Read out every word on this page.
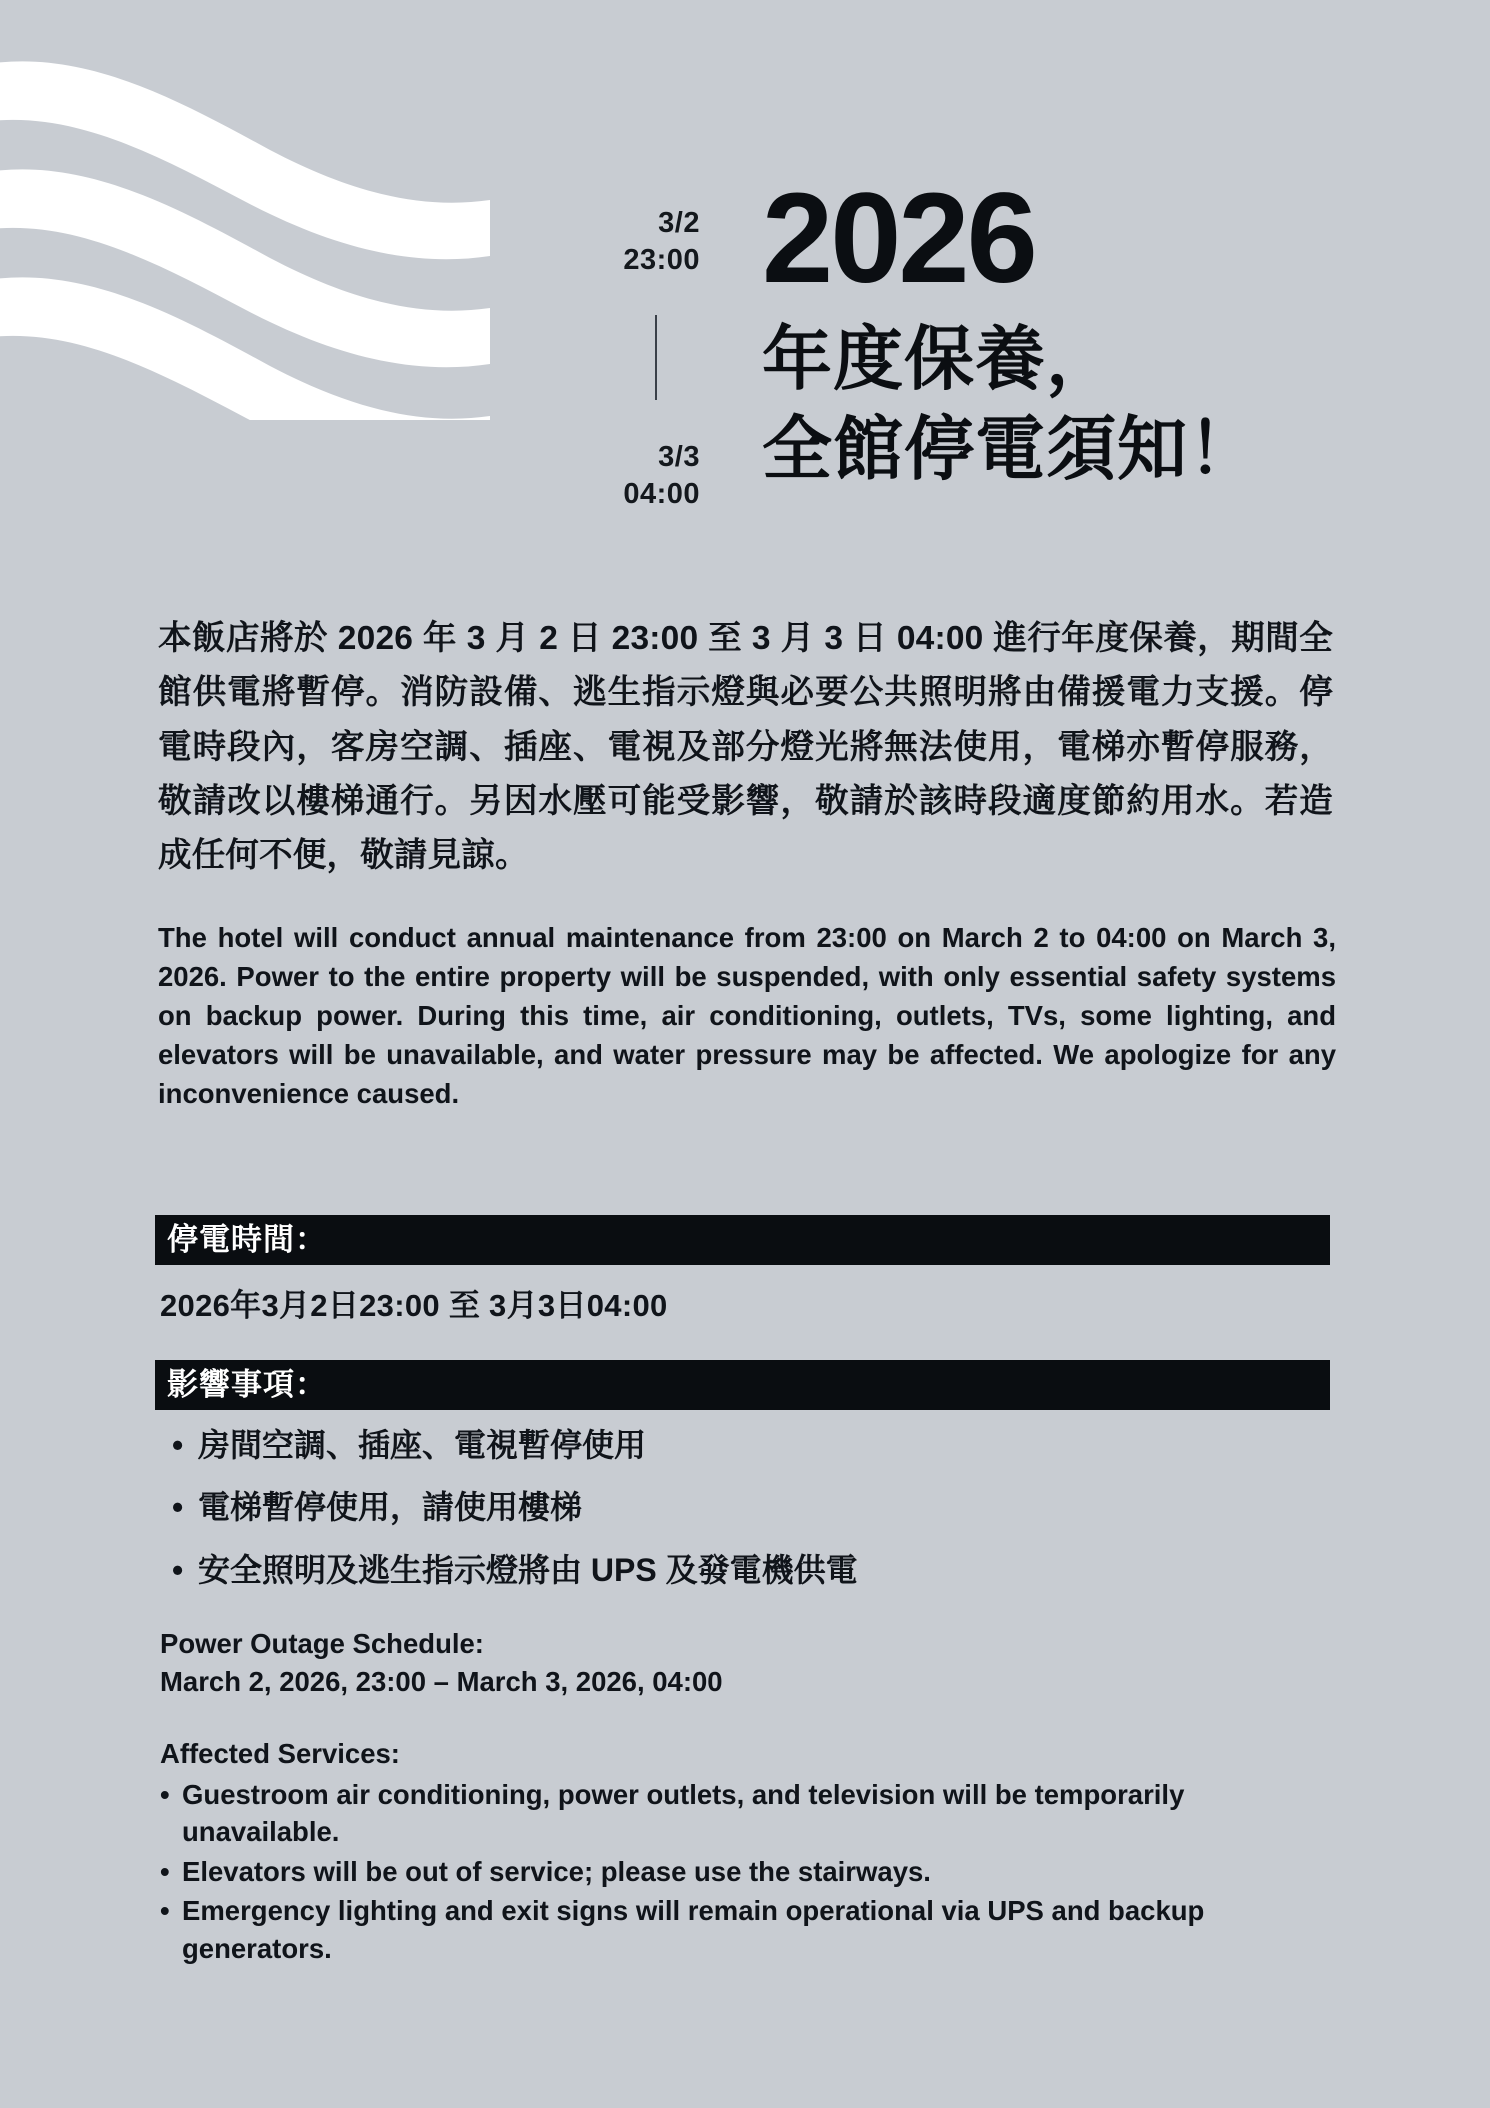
3/2
23:00
3/3
04:00
2026
年度保養，
全館停電須知！
本飯店將於 2026 年 3 月 2 日 23:00 至 3 月 3 日 04:00 進行年度保養，期間全館供電將暫停。消防設備、逃生指示燈與必要公共照明將由備援電力支援。停電時段內，客房空調、插座、電視及部分燈光將無法使用，電梯亦暫停服務，敬請改以樓梯通行。另因水壓可能受影響，敬請於該時段適度節約用水。若造成任何不便，敬請見諒。
The hotel will conduct annual maintenance from 23:00 on March 2 to 04:00 on March 3, 2026. Power to the entire property will be suspended, with only essential safety systems on backup power. During this time, air conditioning, outlets, TVs, some lighting, and elevators will be unavailable, and water pressure may be affected. We apologize for any inconvenience caused.
停電時間：
2026年3月2日23:00 至 3月3日04:00
影響事項：
• 房間空調、插座、電視暫停使用
• 電梯暫停使用，請使用樓梯
• 安全照明及逃生指示燈將由 UPS 及發電機供電
Power Outage Schedule:
March 2, 2026, 23:00 – March 3, 2026, 04:00
Affected Services:
• Guestroom air conditioning, power outlets, and television will be temporarily unavailable.
• Elevators will be out of service; please use the stairways.
• Emergency lighting and exit signs will remain operational via UPS and backup generators.
